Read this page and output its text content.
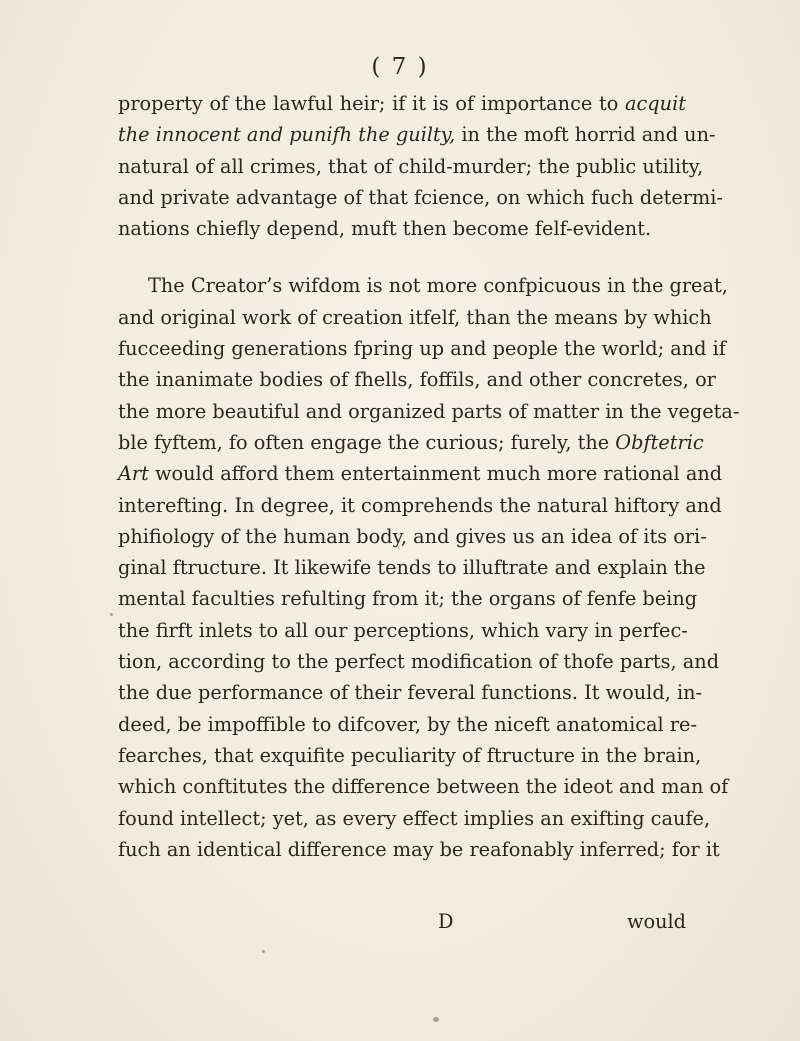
( 7 )
property of the lawful heir; if it is of importance to acquit
the innocent and punifh the guilty, in the moft horrid and un-
natural of all crimes, that of child-murder; the public utility,
and private advantage of that fcience, on which fuch determi-
nations chiefly depend, muft then become felf-evident.
The Creator’s wifdom is not more confpicuous in the great,
and original work of creation itfelf, than the means by which
fucceeding generations fpring up and people the world; and if
the inanimate bodies of fhells, foffils, and other concretes, or
the more beautiful and organized parts of matter in the vegeta-
ble fyftem, fo often engage the curious; furely, the Obftetric
Art would afford them entertainment much more rational and
interefting. In degree, it comprehends the natural hiftory and
phifiology of the human body, and gives us an idea of its ori-
ginal ftructure. It likewife tends to illuftrate and explain the
mental faculties refulting from it; the organs of fenfe being
the firft inlets to all our perceptions, which vary in perfec-
tion, according to the perfect modification of thofe parts, and
the due performance of their feveral functions. It would, in-
deed, be impoffible to difcover, by the niceft anatomical re-
fearches, that exquifite peculiarity of ftructure in the brain,
which conftitutes the difference between the ideot and man of
found intellect; yet, as every effect implies an exifting caufe,
fuch an identical difference may be reafonably inferred; for it
D	would
